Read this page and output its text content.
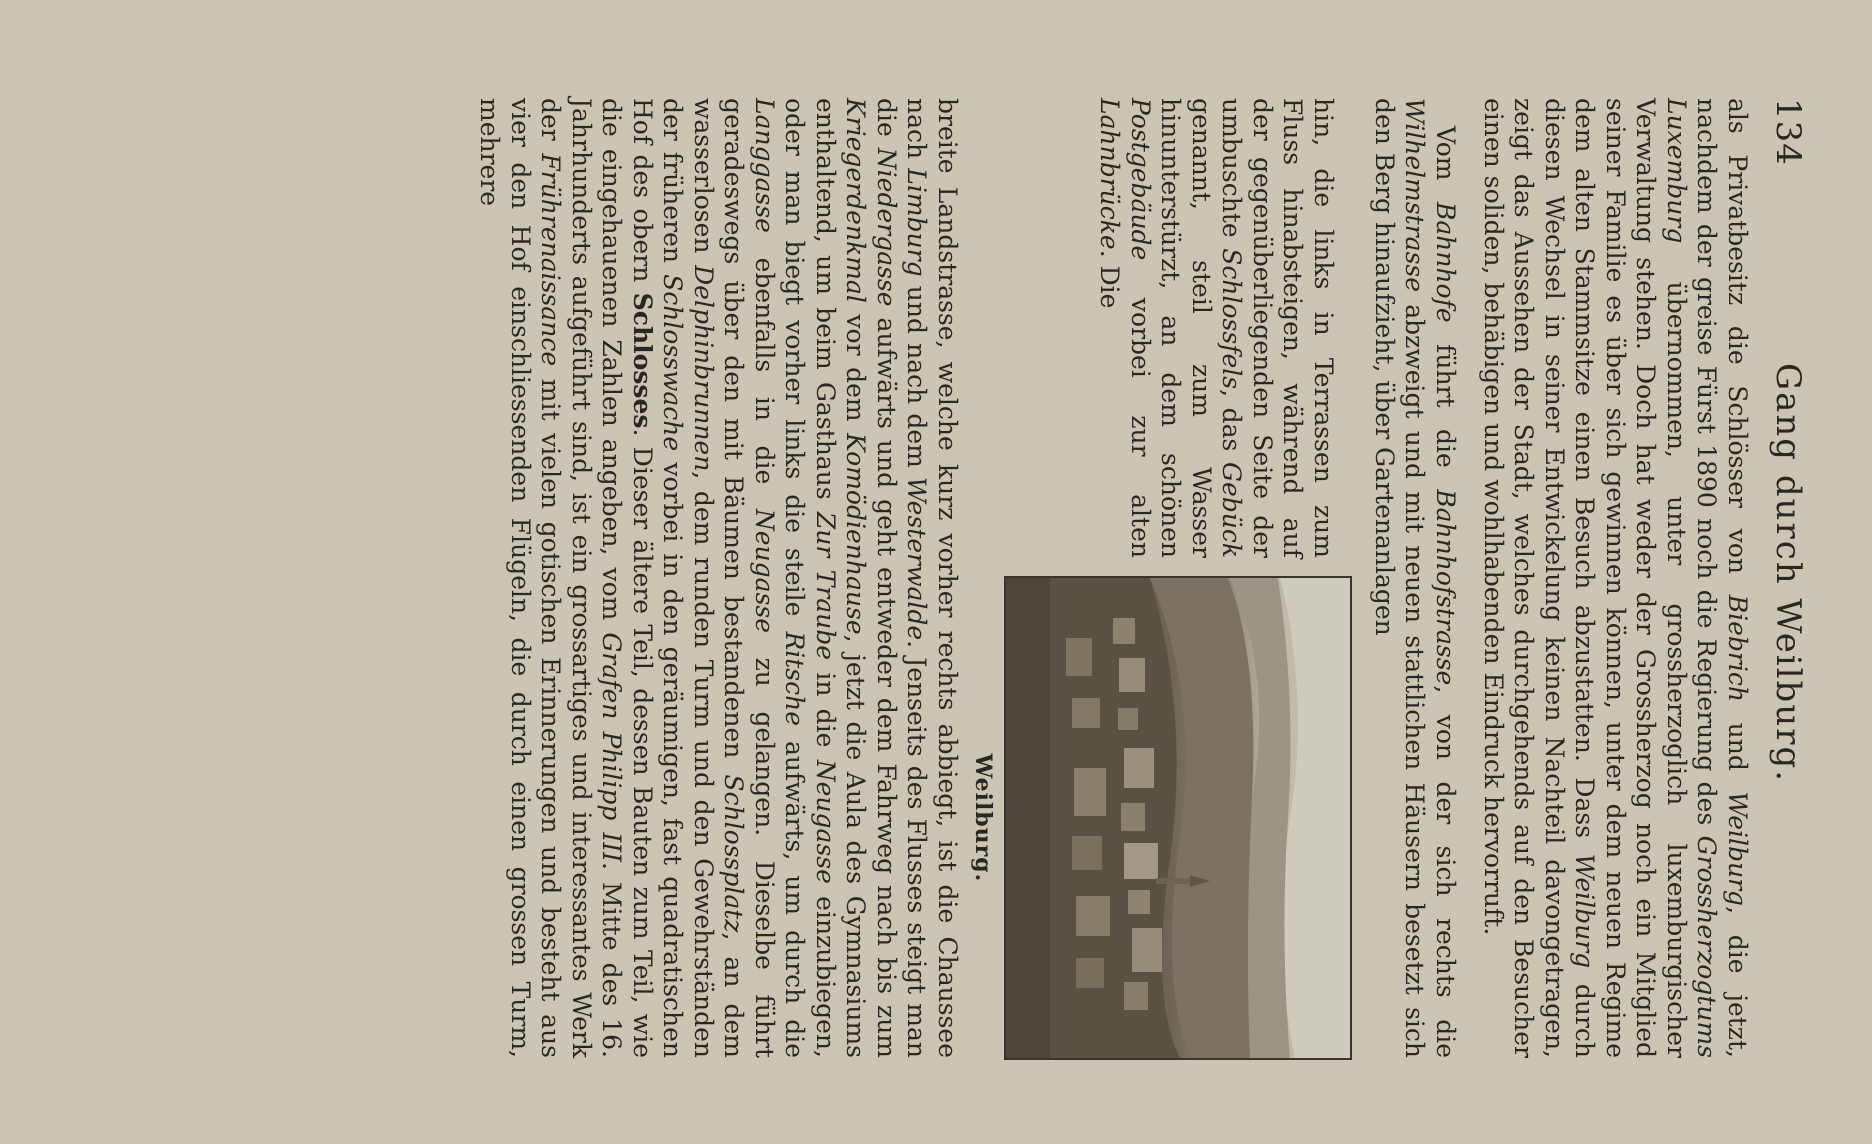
134
Gang durch Weilburg.

als Privatbesitz die Schlösser von Biebrich und Weilburg, die jetzt, nachdem der greise Fürst 1890 noch die Regierung des Grossherzogtums Luxemburg übernommen, unter grossherzoglich luxemburgischer Verwaltung stehen. Doch hat weder der Grossherzog noch ein Mitglied seiner Familie es über sich gewinnen können, unter dem neuen Regime dem alten Stammsitze einen Besuch abzustatten. Dass Weilburg durch diesen Wechsel in seiner Entwickelung keinen Nachteil davongetragen, zeigt das Aussehen der Stadt, welches durchgehends auf den Besucher einen soliden, behäbigen und wohlhabenden Eindruck hervorruft.

Vom Bahnhofe führt die Bahnhofstrasse, von der sich rechts die Wilhelmstrasse abzweigt und mit neuen stattlichen Häusern besetzt sich den Berg hinaufzieht, über Gartenanlagen

hin, die links in Terrassen zum Fluss hinabsteigen, während auf der gegenüberliegenden Seite der umbuschte Schlossfels, das Gebück genannt, steil zum Wasser hinunterstürzt, an dem schönen Postgebäude vorbei zur alten Lahnbrücke. Die

Weilburg.

breite Landstrasse, welche kurz vorher rechts abbiegt, ist die Chaussee nach Limburg und nach dem Westerwalde. Jenseits des Flusses steigt man die Niedergasse aufwärts und geht entweder dem Fahrweg nach bis zum Kriegerdenkmal vor dem Komödienhause, jetzt die Aula des Gymnasiums enthaltend, um beim Gasthaus Zur Traube in die Neugasse einzubiegen, oder man biegt vorher links die steile Ritsche aufwärts, um durch die Langgasse ebenfalls in die Neugasse zu gelangen. Dieselbe führt geradeswegs über den mit Bäumen bestandenen Schlossplatz, an dem wasserlosen Delphinbrunnen, dem runden Turm und den Gewehrständen der früheren Schlosswache vorbei in den geräumigen, fast quadratischen Hof des obern Schlosses. Dieser ältere Teil, dessen Bauten zum Teil, wie die eingehauenen Zahlen angeben, vom Grafen Philipp III. Mitte des 16. Jahrhunderts aufgeführt sind, ist ein grossartiges und interessantes Werk der Frührenaissance mit vielen gotischen Erinnerungen und besteht aus vier den Hof einschliessenden Flügeln, die durch einen grossen Turm, mehrere
